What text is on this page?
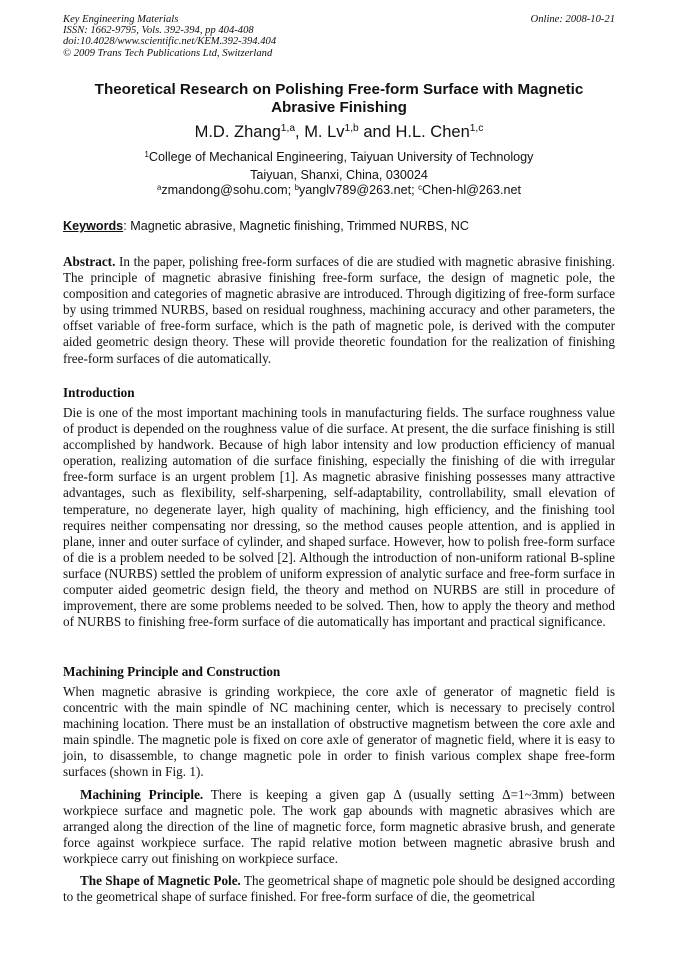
Key Engineering Materials
ISSN: 1662-9795, Vols. 392-394, pp 404-408
doi:10.4028/www.scientific.net/KEM.392-394.404
© 2009 Trans Tech Publications Ltd, Switzerland
Online: 2008-10-21
Theoretical Research on Polishing Free-form Surface with Magnetic Abrasive Finishing
M.D. Zhang$^{1,a}$, M. Lv$^{1,b}$ and H.L. Chen$^{1,c}$
$^1$College of Mechanical Engineering, Taiyuan University of Technology
Taiyuan, Shanxi, China, 030024
$^a$zmandong@sohu.com; $^b$yanglv789@263.net; $^c$Chen-hl@263.net
Keywords: Magnetic abrasive, Magnetic finishing, Trimmed NURBS, NC

Abstract. In the paper, polishing free-form surfaces of die are studied with magnetic abrasive finishing. The principle of magnetic abrasive finishing free-form surface, the design of magnetic pole, the composition and categories of magnetic abrasive are introduced. Through digitizing of free-form surface by using trimmed NURBS, based on residual roughness, machining accuracy and other parameters, the offset variable of free-form surface, which is the path of magnetic pole, is derived with the computer aided geometric design theory. These will provide theoretic foundation for the realization of finishing free-form surfaces of die automatically.

Introduction

Die is one of the most important machining tools in manufacturing fields. The surface roughness value of product is depended on the roughness value of die surface. At present, the die surface finishing is still accomplished by handwork. Because of high labor intensity and low production efficiency of manual operation, realizing automation of die surface finishing, especially the finishing of die with irregular free-form surface is an urgent problem [1]. As magnetic abrasive finishing possesses many attractive advantages, such as flexibility, self-sharpening, self-adaptability, controllability, small elevation of temperature, no degenerate layer, high quality of machining, high efficiency, and the finishing tool requires neither compensating nor dressing, so the method causes people attention, and is applied in plane, inner and outer surface of cylinder, and shaped surface. However, how to polish free-form surface of die is a problem needed to be solved [2]. Although the introduction of non-uniform rational B-spline surface (NURBS) settled the problem of uniform expression of analytic surface and free-form surface in computer aided geometric design field, the theory and method on NURBS are still in procedure of improvement, there are some problems needed to be solved. Then, how to apply the theory and method of NURBS to finishing free-form surface of die automatically has important and practical significance.

Machining Principle and Construction

When magnetic abrasive is grinding workpiece, the core axle of generator of magnetic field is concentric with the main spindle of NC machining center, which is necessary to precisely control machining location. There must be an installation of obstructive magnetism between the core axle and main spindle. The magnetic pole is fixed on core axle of generator of magnetic field, where it is easy to join, to disassemble, to change magnetic pole in order to finish various complex shape free-form surfaces (shown in Fig. 1).

Machining Principle. There is keeping a given gap Δ (usually setting Δ=1~3mm) between workpiece surface and magnetic pole. The work gap abounds with magnetic abrasives which are arranged along the direction of the line of magnetic force, form magnetic abrasive brush, and generate force against workpiece surface. The rapid relative motion between magnetic abrasive brush and workpiece carry out finishing on workpiece surface.

The Shape of Magnetic Pole. The geometrical shape of magnetic pole should be designed according to the geometrical shape of surface finished. For free-form surface of die, the geometrical
